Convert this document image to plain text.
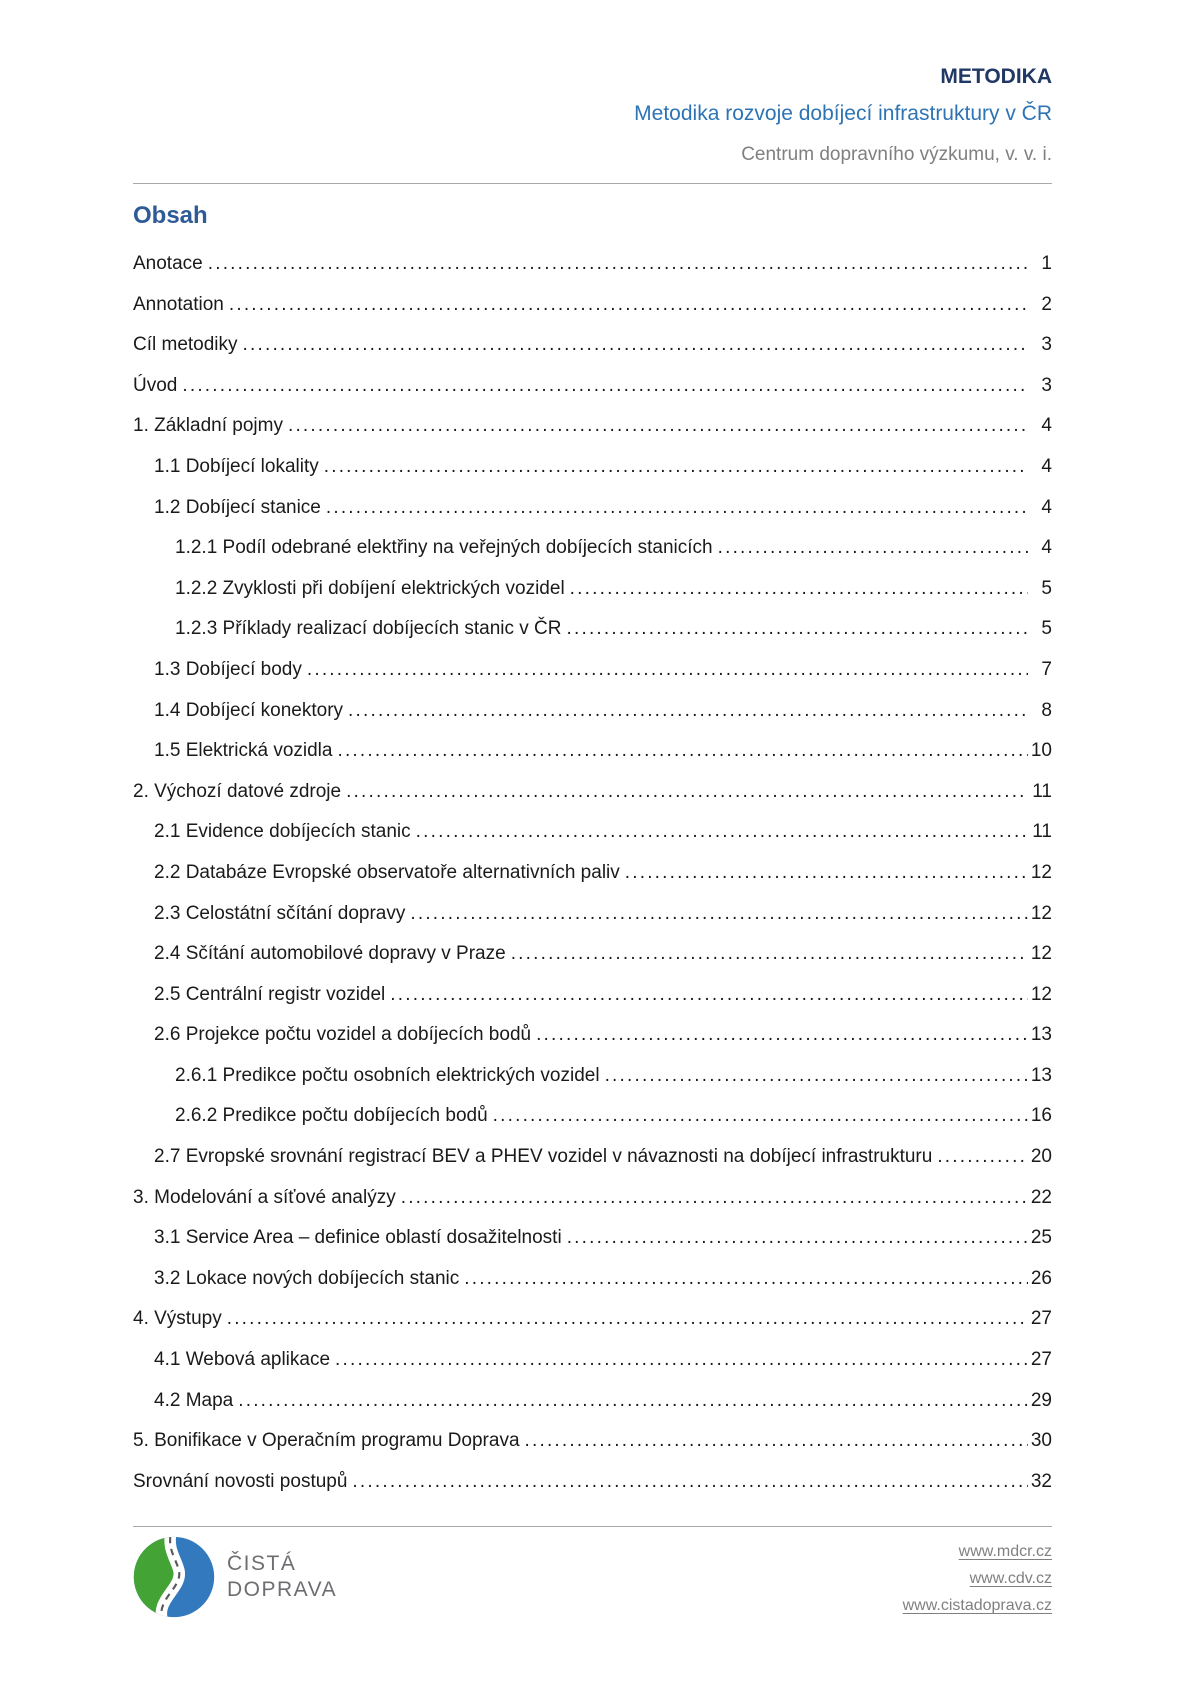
METODIKA
Metodika rozvoje dobíjecí infrastruktury v ČR
Centrum dopravního výzkumu, v. v. i.
Obsah
Anotace .....	1
Annotation .....	2
Cíl metodiky .....	3
Úvod .....	3
1. Základní pojmy .....	4
1.1 Dobíjecí lokality .....	4
1.2 Dobíjecí stanice .....	4
1.2.1 Podíl odebrané elektřiny na veřejných dobíjecích stanicích .....	4
1.2.2 Zvyklosti při dobíjení elektrických vozidel .....	5
1.2.3 Příklady realizací dobíjecích stanic v ČR .....	5
1.3 Dobíjecí body .....	7
1.4 Dobíjecí konektory .....	8
1.5 Elektrická vozidla .....	10
2. Výchozí datové zdroje .....	11
2.1 Evidence dobíjecích stanic .....	11
2.2 Databáze Evropské observatoře alternativních paliv .....	12
2.3 Celostátní sčítání dopravy .....	12
2.4 Sčítání automobilové dopravy v Praze .....	12
2.5 Centrální registr vozidel .....	12
2.6 Projekce počtu vozidel a dobíjecích bodů .....	13
2.6.1 Predikce počtu osobních elektrických vozidel .....	13
2.6.2 Predikce počtu dobíjecích bodů .....	16
2.7 Evropské srovnání registrací BEV a PHEV vozidel v návaznosti na dobíjecí infrastrukturu .....	20
3. Modelování a síťové analýzy .....	22
3.1 Service Area – definice oblastí dosažitelnosti .....	25
3.2 Lokace nových dobíjecích stanic .....	26
4. Výstupy .....	27
4.1 Webová aplikace .....	27
4.2 Mapa .....	29
5. Bonifikace v Operačním programu Doprava .....	30
Srovnání novosti postupů .....	32
ČISTÁ
DOPRAVA
www.mdcr.cz
www.cdv.cz
www.cistadoprava.cz
